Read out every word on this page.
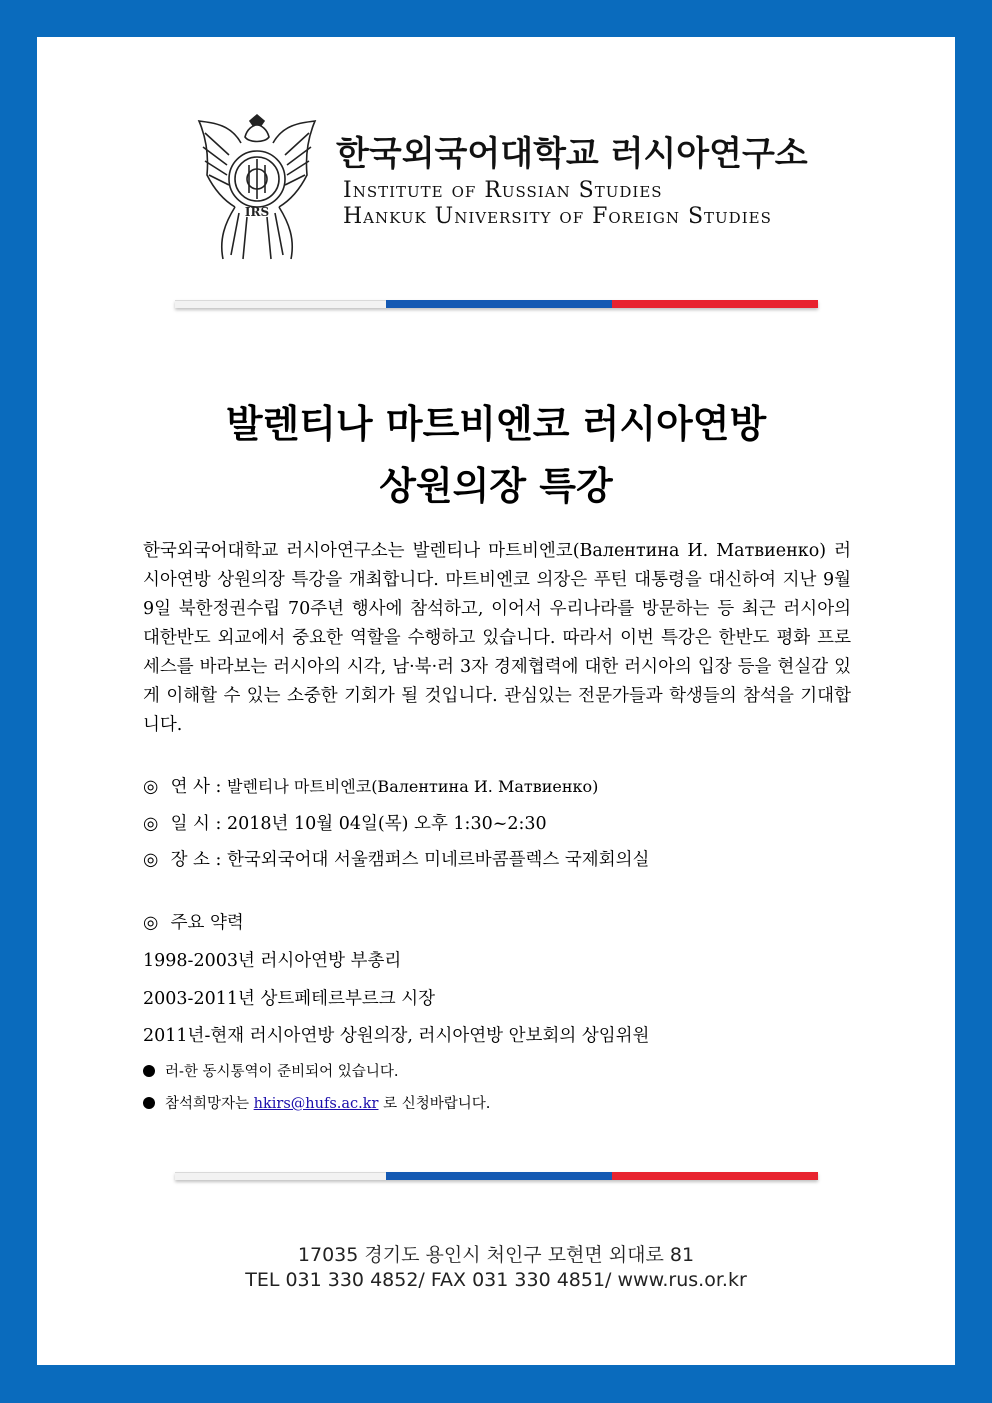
IRS
한국외국어대학교 러시아연구소
Institute of Russian Studies
Hankuk University of Foreign Studies
발렌티나 마트비엔코 러시아연방
상원의장 특강
한국외국어대학교 러시아연구소는 발렌티나 마트비엔코(Валентина И. Матвиенко) 러시아연방 상원의장 특강을 개최합니다. 마트비엔코 의장은 푸틴 대통령을 대신하여 지난 9월 9일 북한정권수립 70주년 행사에 참석하고, 이어서 우리나라를 방문하는 등 최근 러시아의 대한반도 외교에서 중요한 역할을 수행하고 있습니다. 따라서 이번 특강은 한반도 평화 프로세스를 바라보는 러시아의 시각, 남·북·러 3자 경제협력에 대한 러시아의 입장 등을 현실감 있게 이해할 수 있는 소중한 기회가 될 것입니다. 관심있는 전문가들과 학생들의 참석을 기대합니다.
◎ 연 사 : 발렌티나 마트비엔코(Валентина И. Матвиенко)
◎ 일 시 : 2018년 10월 04일(목) 오후 1:30~2:30
◎ 장 소 : 한국외국어대 서울캠퍼스 미네르바콤플렉스 국제회의실
◎ 주요 약력
1998-2003년 러시아연방 부총리
2003-2011년 상트페테르부르크 시장
2011년-현재 러시아연방 상원의장, 러시아연방 안보회의 상임위원
러-한 동시통역이 준비되어 있습니다.
참석희망자는 hkirs@hufs.ac.kr 로 신청바랍니다.
17035 경기도 용인시 처인구 모현면 외대로 81
TEL 031 330 4852/ FAX 031 330 4851/ www.rus.or.kr
